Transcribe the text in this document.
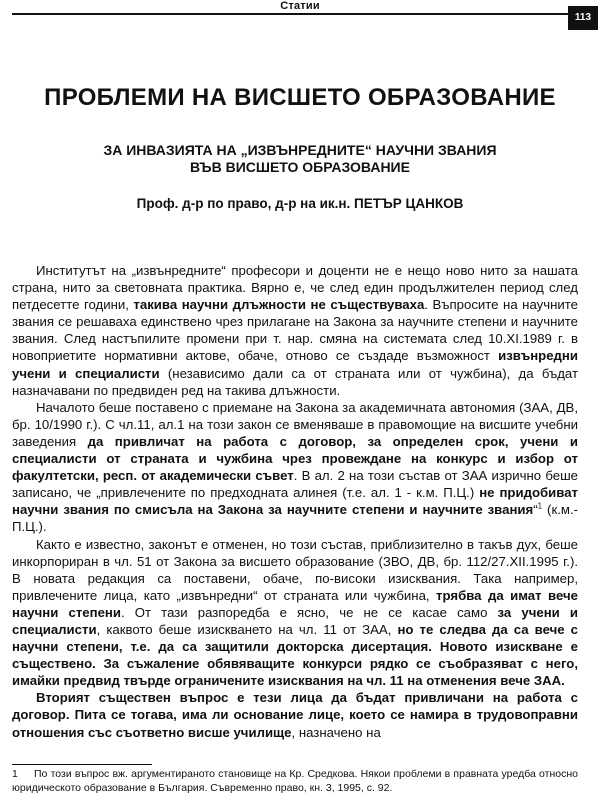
Статии
113
ПРОБЛЕМИ НА ВИСШЕТО ОБРАЗОВАНИЕ
ЗА ИНВАЗИЯТА НА „ИЗВЪНРЕДНИТЕ“ НАУЧНИ ЗВАНИЯ
ВЪВ ВИСШЕТО ОБРАЗОВАНИЕ
Проф. д-р по право, д-р на ик.н. ПЕТЪР ЦАНКОВ

Институтът на „извънредните“ професори и доценти не е нещо ново нито за нашата страна, нито за световната практика. Вярно е, че след един продължителен период след петдесетте години, такива научни длъжности не съществуваха. Въпросите на научните звания се решаваха единствено чрез прилагане на Закона за научните степени и научните звания. След настъпилите промени при т. нар. смяна на системата след 10.XI.1989 г. в новоприетите нормативни актове, обаче, отново се създаде възможност извънредни учени и специалисти (независимо дали са от страната или от чужбина), да бъдат назначавани по предвиден ред на такива длъжности.

Началото беше поставено с приемане на Закона за академичната автономия (ЗАА, ДВ, бр. 10/1990 г.). С чл.11, ал.1 на този закон се вменяваше в правомощие на висшите учебни заведения да привличат на работа с договор, за определен срок, учени и специалисти от страната и чужбина чрез провеждане на конкурс и избор от факултетски, респ. от академически съвет. В ал. 2 на този състав от ЗАА изрично беше записано, че „привлечените по предходната алинея (т.е. ал. 1 - к.м. П.Ц.) не придобиват научни звания по смисъла на Закона за научните степени и научните звания“$^1$ (к.м.-П.Ц.).

Както е известно, законът е отменен, но този състав, приблизително в такъв дух, беше инкорпориран в чл. 51 от Закона за висшето образование (ЗВО, ДВ, бр. 112/27.XII.1995 г.). В новата редакция са поставени, обаче, по-високи изисквания. Така например, привлечените лица, като „извънредни“ от страната или чужбина, трябва да имат вече научни степени. От тази разпоредба е ясно, че не се касае само за учени и специалисти, каквото беше изискването на чл. 11 от ЗАА, но те следва да са вече с научни степени, т.е. да са защитили докторска дисертация. Новото изискване е съществено. За съжаление обявяващите конкурси рядко се съобразяват с него, имайки предвид твърде ограничените изисквания на чл. 11 на отменения вече ЗАА.

Вторият съществен въпрос е тези лица да бъдат привличани на работа с договор. Пита се тогава, има ли основание лице, което се намира в трудовоправни отношения със съответно висше училище, назначено на

1 По този въпрос вж. аргументираното становище на Кр. Средкова. Някои проблеми в правната уредба относно юридическото образование в България. Съвременно право, кн. 3, 1995, с. 92.
